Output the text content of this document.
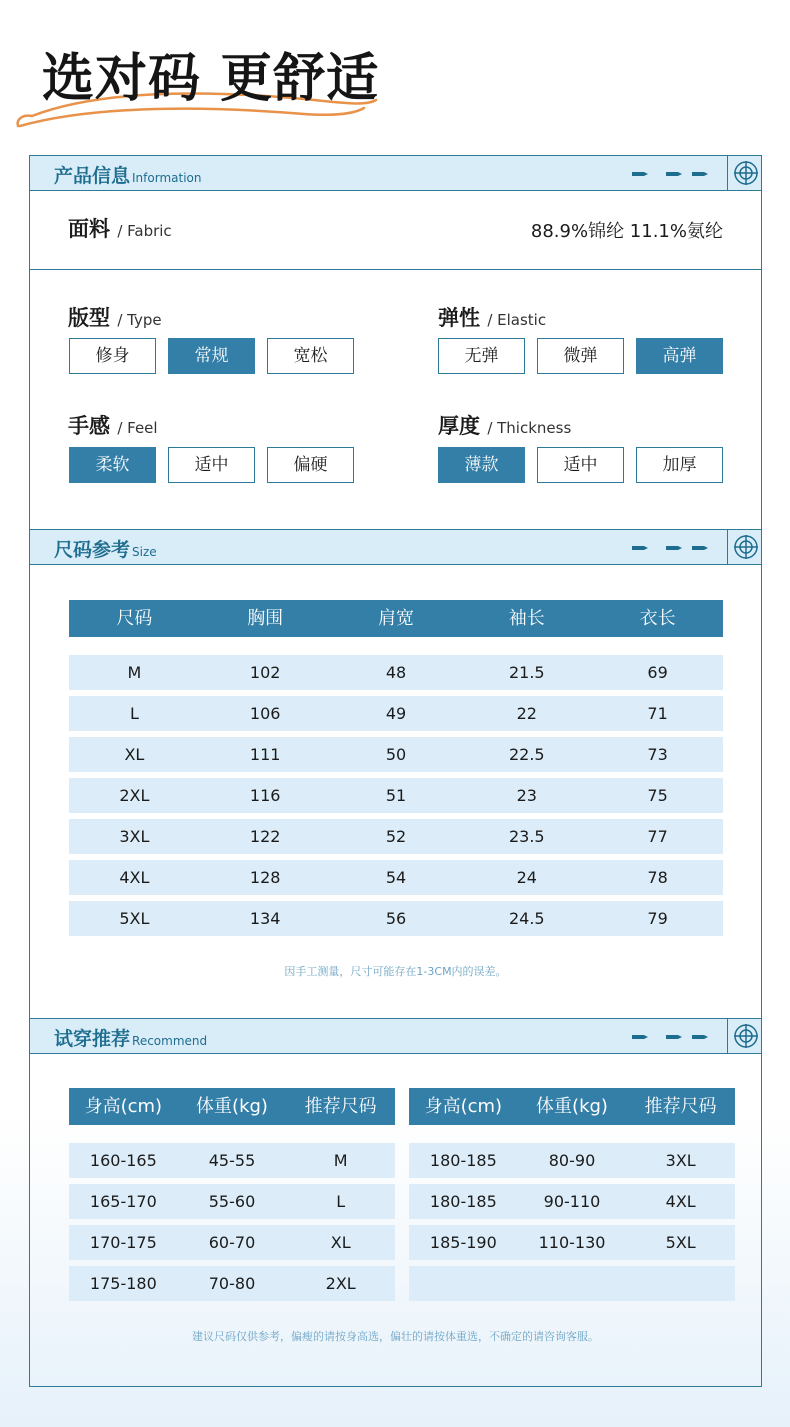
选对码 更舒适
产品信息 Information
尺码参考 Size
试穿推荐 Recommend
面料 / Fabric	88.9%锦纶 11.1%氨纶
版型 / Type	弹性 / Elastic
手感 / Feel	厚度 / Thickness
修身	常规	宽松	无弹	微弹	高弹
柔软	适中	偏硬	薄款	适中	加厚
尺码	胸围	肩宽	袖长	衣长
M	102	48	21.5	69
L	106	49	22	71
XL	111	50	22.5	73
2XL	116	51	23	75
3XL	122	52	23.5	77
4XL	128	54	24	78
5XL	134	56	24.5	79
因手工测量，尺寸可能存在1-3CM内的误差。
身高(cm)	体重(kg)	推荐尺码
160-165	45-55	M
165-170	55-60	L
170-175	60-70	XL
175-180	70-80	2XL
身高(cm)	体重(kg)	推荐尺码
180-185	80-90	3XL
180-185	90-110	4XL
185-190	110-130	5XL
建议尺码仅供参考，偏瘦的请按身高选，偏壮的请按体重选，不确定的请咨询客服。
